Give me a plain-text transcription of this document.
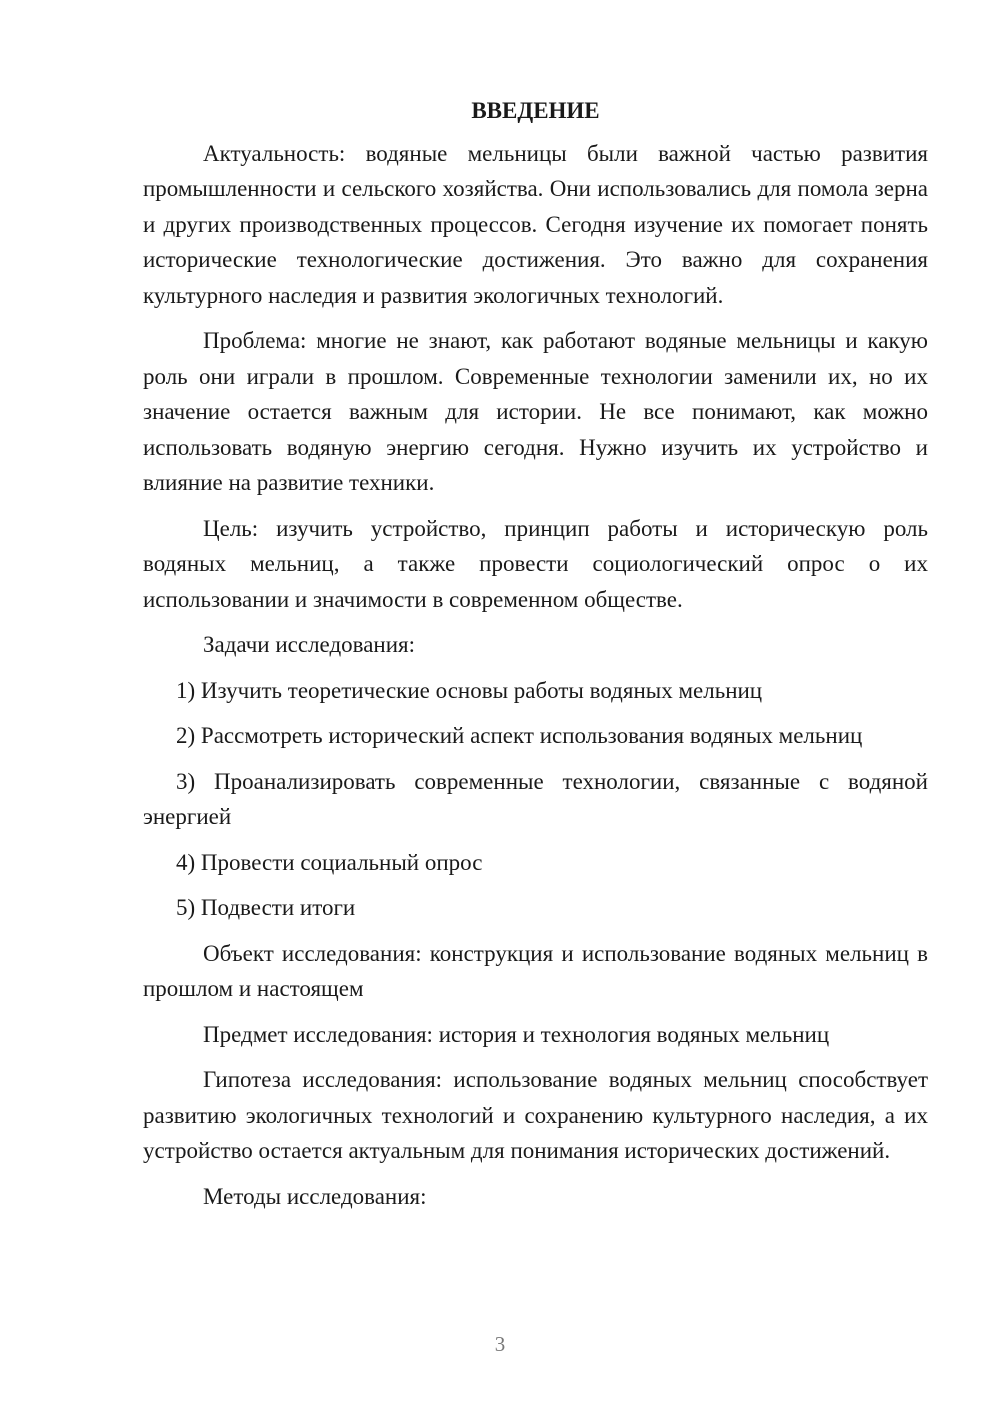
ВВЕДЕНИЕ

Актуальность: водяные мельницы были важной частью развития промышленности и сельского хозяйства. Они использовались для помола зерна и других производственных процессов. Сегодня изучение их помогает понять исторические технологические достижения. Это важно для сохранения культурного наследия и развития экологичных технологий.

Проблема: многие не знают, как работают водяные мельницы и какую роль они играли в прошлом. Современные технологии заменили их, но их значение остается важным для истории. Не все понимают, как можно использовать водяную энергию сегодня. Нужно изучить их устройство и влияние на развитие техники.

Цель: изучить устройство, принцип работы и историческую роль водяных мельниц, а также провести социологический опрос о их использовании и значимости в современном обществе.

Задачи исследования:

1) Изучить теоретические основы работы водяных мельниц

2) Рассмотреть исторический аспект использования водяных мельниц

3) Проанализировать современные технологии, связанные с водяной энергией

4) Провести социальный опрос

5) Подвести итоги

Объект исследования: конструкция и использование водяных мельниц в прошлом и настоящем

Предмет исследования: история и технология водяных мельниц

Гипотеза исследования: использование водяных мельниц способствует развитию экологичных технологий и сохранению культурного наследия, а их устройство остается актуальным для понимания исторических достижений.

Методы исследования:

3
